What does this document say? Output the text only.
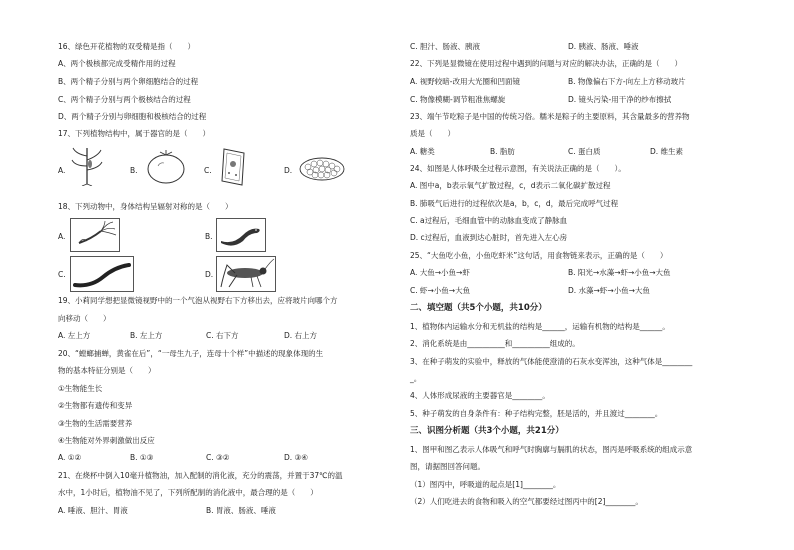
16、绿色开花植物的双受精是指（　　）
A、两个极核都完成受精作用的过程
B、两个精子分别与两个卵细胞结合的过程
C、两个精子分别与两个极核结合的过程
D、两个精子分别与卵细胞和极核结合的过程
17、下列植物结构中，属于器官的是（　　）
A.	B.	C.	D.
18、下列动物中，身体结构呈辐射对称的是（　　）
A.	B.
C.	D.
19、小莉同学想把显微镜视野中的一个气泡从视野右下方移出去，应将玻片向哪个方
向移动（　　）
A. 左上方	B. 左上方	C. 右下方	D. 右上方
20、“螳螂捕蝉，黄雀在后”，“一母生九子，连母十个样”中描述的现象体现的生
物的基本特征分别是（　　）
①生物能生长
②生物都有遗传和变异
③生物的生活需要营养
④生物能对外界刺激做出反应
A. ①②	B. ①③	C. ③②	D. ③④
21、在烧杯中倒入10毫升植物油，加入配制的消化液，充分的震荡，并置于37℃的温
水中，1小时后，植物油不见了，下列所配制的消化液中，最合理的是（　　）
A. 唾液、胆汁、胃液	B. 胃液、肠液、唾液
C. 胆汁、肠液、胰液	D. 胰液、肠液、唾液
22、下列是显微镜在使用过程中遇到的问题与对应的解决办法，正确的是（　　）
A. 视野较暗-改用大光圈和凹面镜	B. 物像偏右下方-向左上方移动玻片
C. 物像模糊-调节粗准焦螺旋	D. 镜头污染-用干净的纱布擦拭
23、端午节吃粽子是中国的传统习俗。糯米是粽子的主要原料，其含量最多的营养物
质是（　　）
A. 糖类	B. 脂肪	C. 蛋白质	D. 维生素
24、如图是人体呼吸全过程示意图，有关说法正确的是（　　）。
A. 图中a，b表示氧气扩散过程，c，d表示二氧化碳扩散过程
B. 肺吸气后进行的过程依次是a，b，c，d，最后完成呼气过程
C. a过程后，毛细血管中的动脉血变成了静脉血
D. c过程后，血液到达心脏时，首先进入左心房
25、“大鱼吃小鱼，小鱼吃虾米”这句话，用食物链来表示，正确的是（　　）
A. 大鱼→小鱼→虾	B. 阳光→水藻→虾→小鱼→大鱼
C. 虾→小鱼→大鱼	D. 水藻→虾→小鱼→大鱼
二、填空题（共5个小题，共10分）
1、植物体内运输水分和无机盐的结构是______，运输有机物的结构是______。
2、消化系统是由__________和__________组成的。
3、在种子萌发的实验中，释放的气体能使澄清的石灰水变浑浊，这种气体是________
_。
4、人体形成尿液的主要器官是________。
5、种子萌发的自身条件有：种子结构完整，胚是活的，并且渡过________。
三、识图分析题（共3个小题，共21分）
1、图甲和图乙表示人体吸气和呼气时胸廓与膈肌的状态，图丙是呼吸系统的组成示意
图，请据图回答问题。
（1）图丙中，呼吸道的起点是[1]________。
（2）人们吃进去的食物和吸入的空气都要经过图丙中的[2]________。
